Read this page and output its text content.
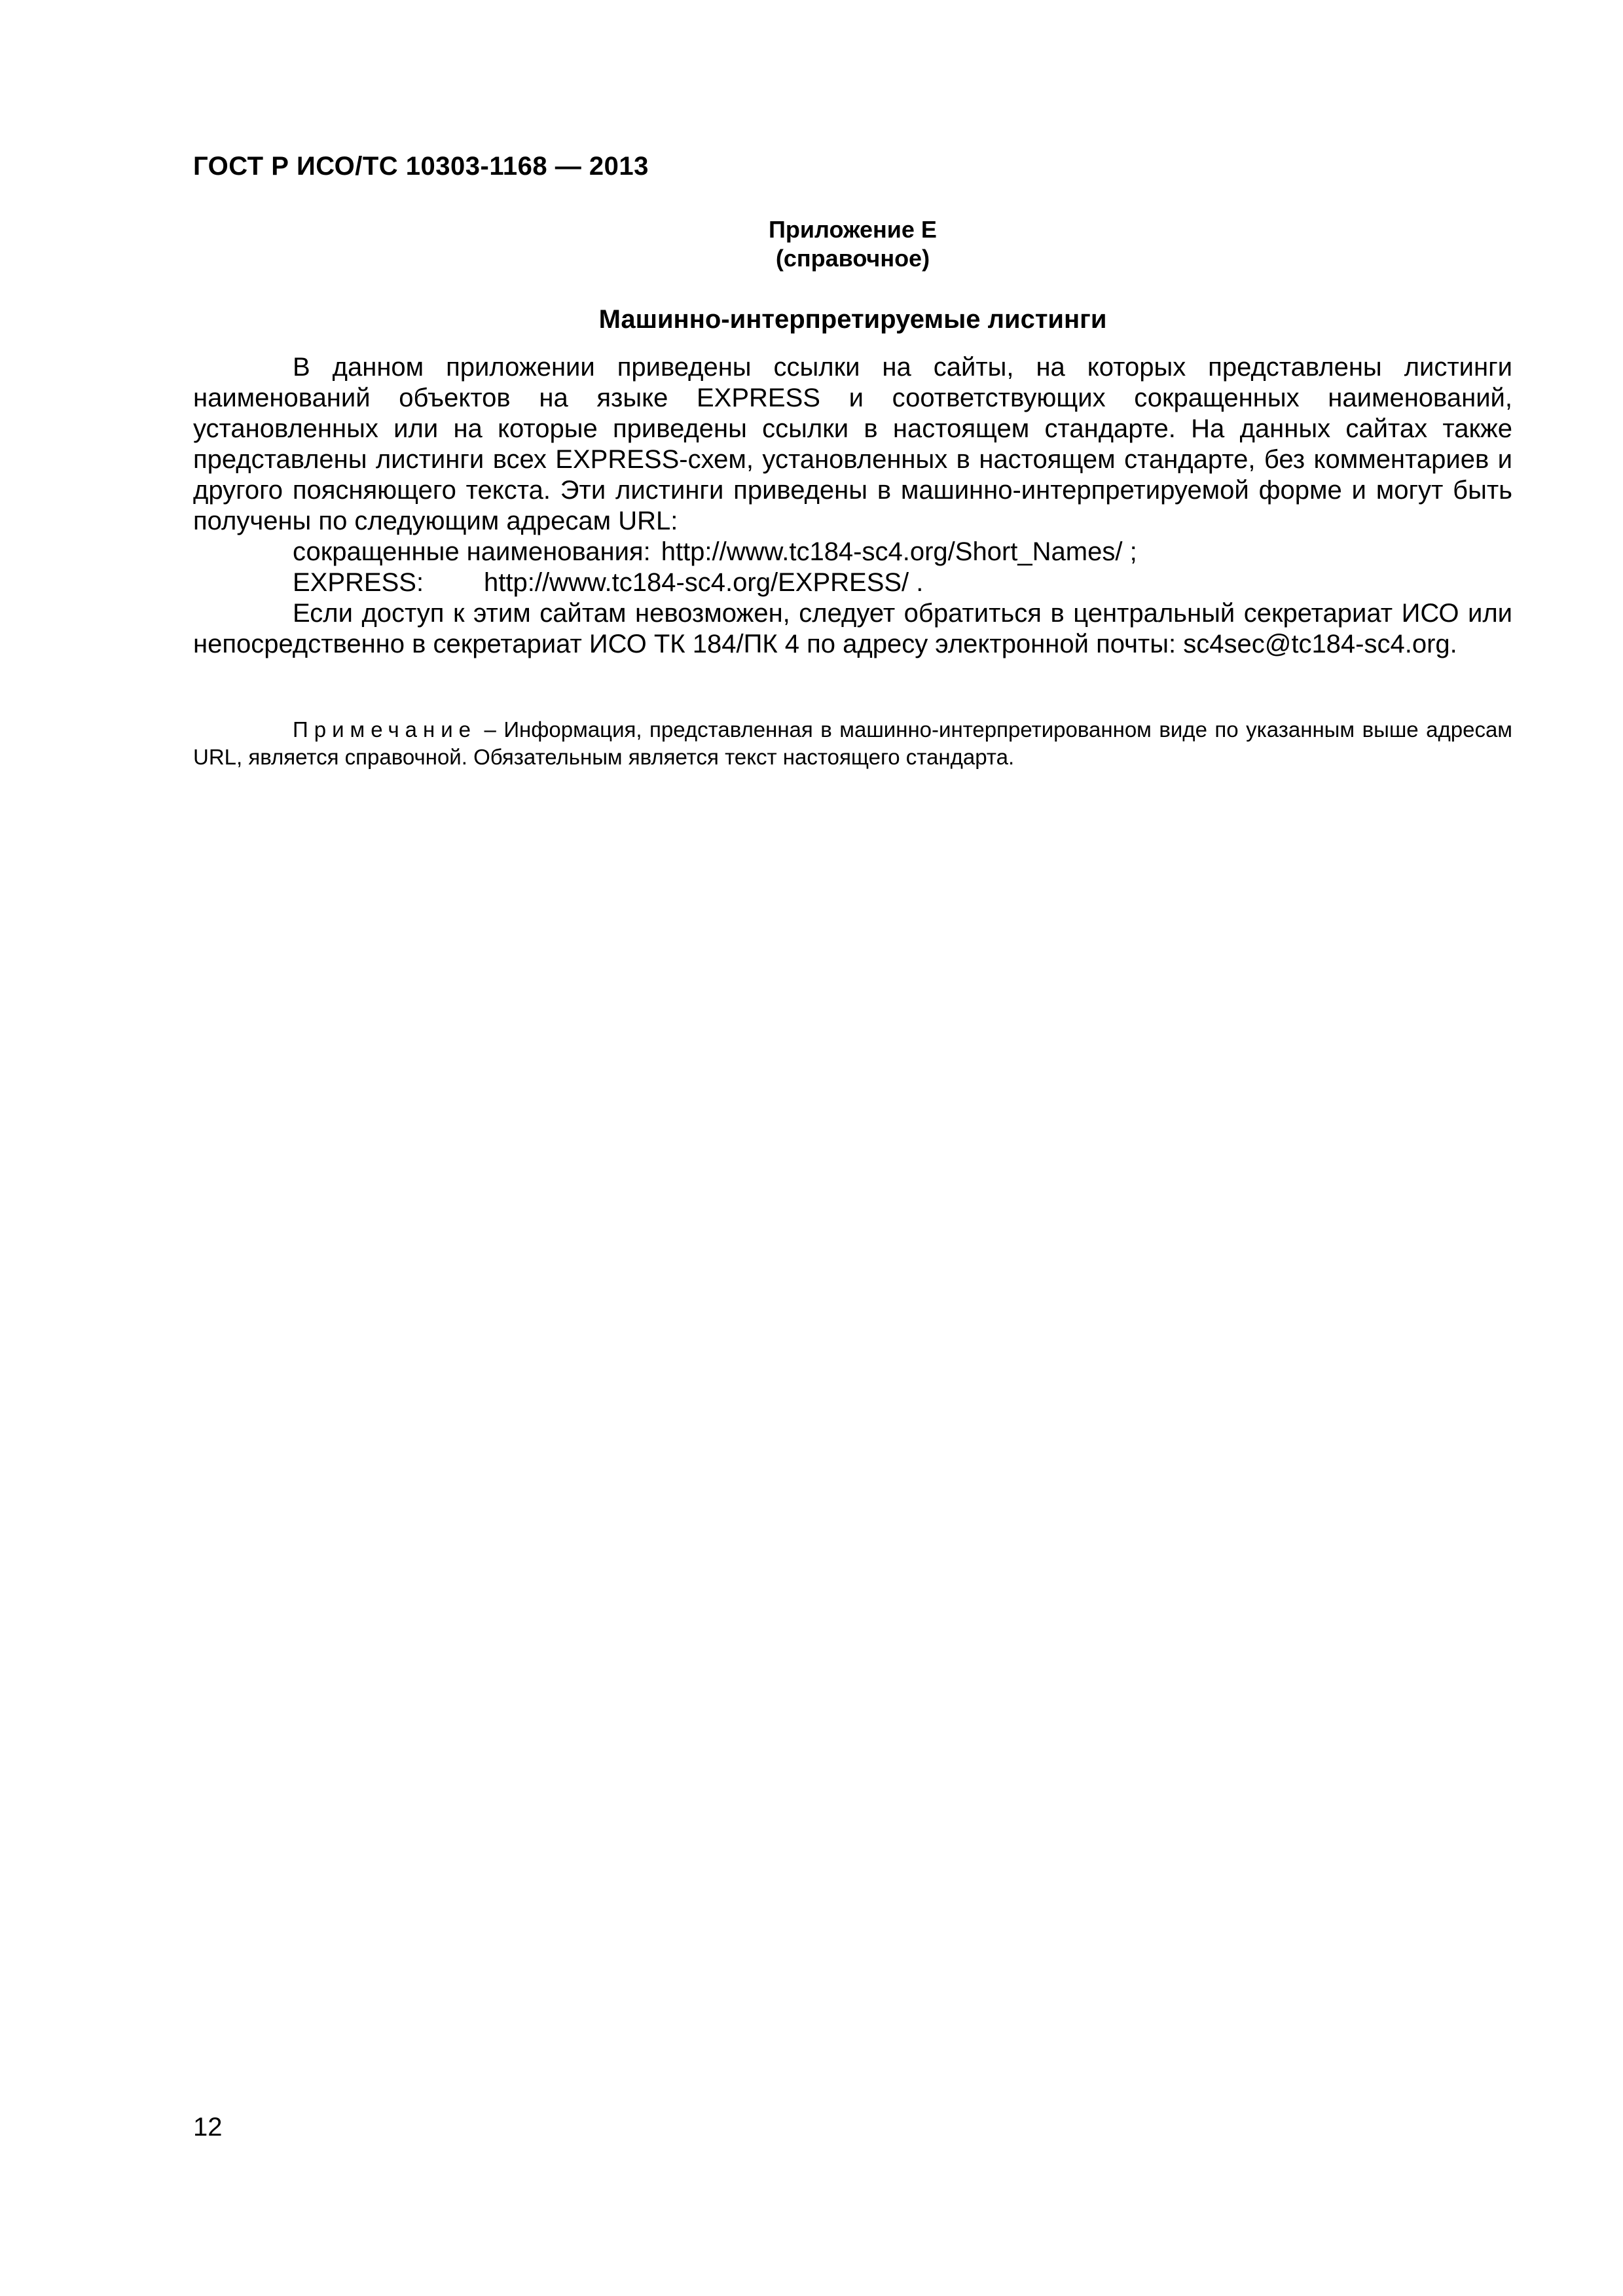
ГОСТ Р ИСО/ТС 10303-1168 — 2013
Приложение Е
(справочное)
Машинно-интерпретируемые листинги

В данном приложении приведены ссылки на сайты, на которых представлены листинги наименований объектов на языке EXPRESS и соответствующих сокращенных наименований, установленных или на которые приведены ссылки в настоящем стандарте. На данных сайтах также представлены листинги всех EXPRESS-схем, установленных в настоящем стандарте, без комментариев и другого поясняющего текста. Эти листинги приведены в машинно-интерпретируемой форме и могут быть получены по следующим адресам URL:

сокращенные наименования: http://www.tc184-sc4.org/Short_Names/ ;

EXPRESS: http://www.tc184-sc4.org/EXPRESS/ .

Если доступ к этим сайтам невозможен, следует обратиться в центральный секретариат ИСО или непосредственно в секретариат ИСО ТК 184/ПК 4 по адресу электронной почты: sc4sec@tc184-sc4.org.

Примечание – Информация, представленная в машинно-интерпретированном виде по указанным выше адресам URL, является справочной. Обязательным является текст настоящего стандарта.

12
